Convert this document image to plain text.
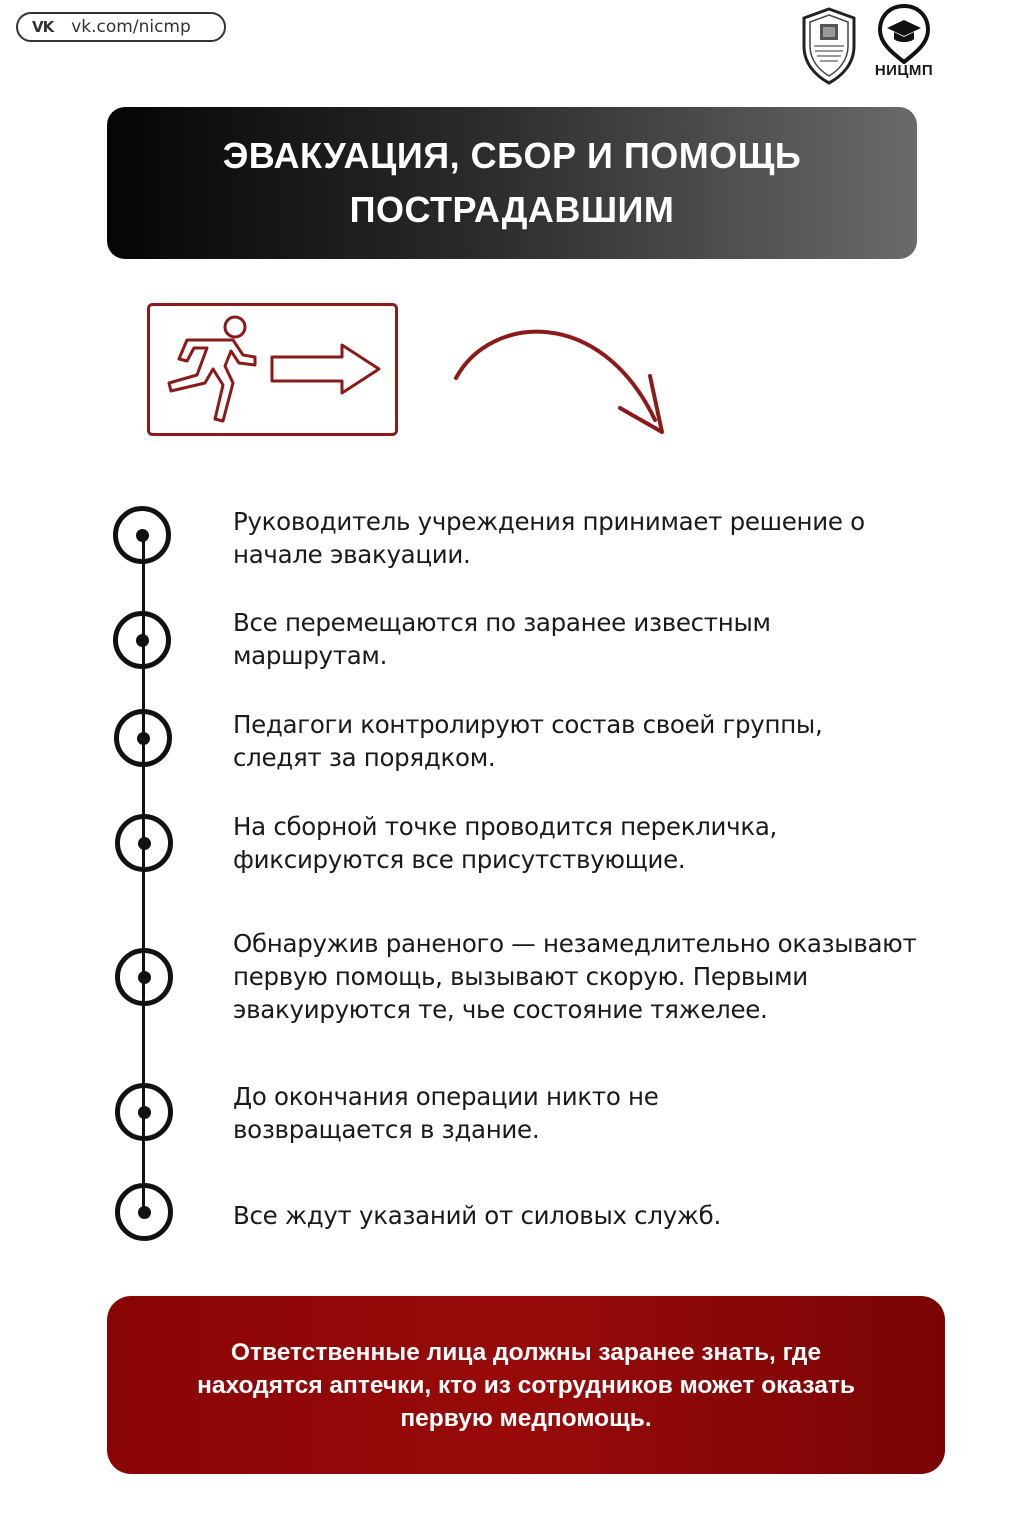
VK vk.com/nicmp
НИЦМП
ЭВАКУАЦИЯ, СБОР И ПОМОЩЬ
ПОСТРАДАВШИМ
Руководитель учреждения принимает решение о начале эвакуации.
Все перемещаются по заранее известным маршрутам.
Педагоги контролируют состав своей группы, следят за порядком.
На сборной точке проводится перекличка, фиксируются все присутствующие.
Обнаружив раненого — незамедлительно оказывают первую помощь, вызывают скорую. Первыми эвакуируются те, чье состояние тяжелее.
До окончания операции никто не возвращается в здание.
Все ждут указаний от силовых служб.

Ответственные лица должны заранее знать, где находятся аптечки, кто из сотрудников может оказать первую медпомощь.
